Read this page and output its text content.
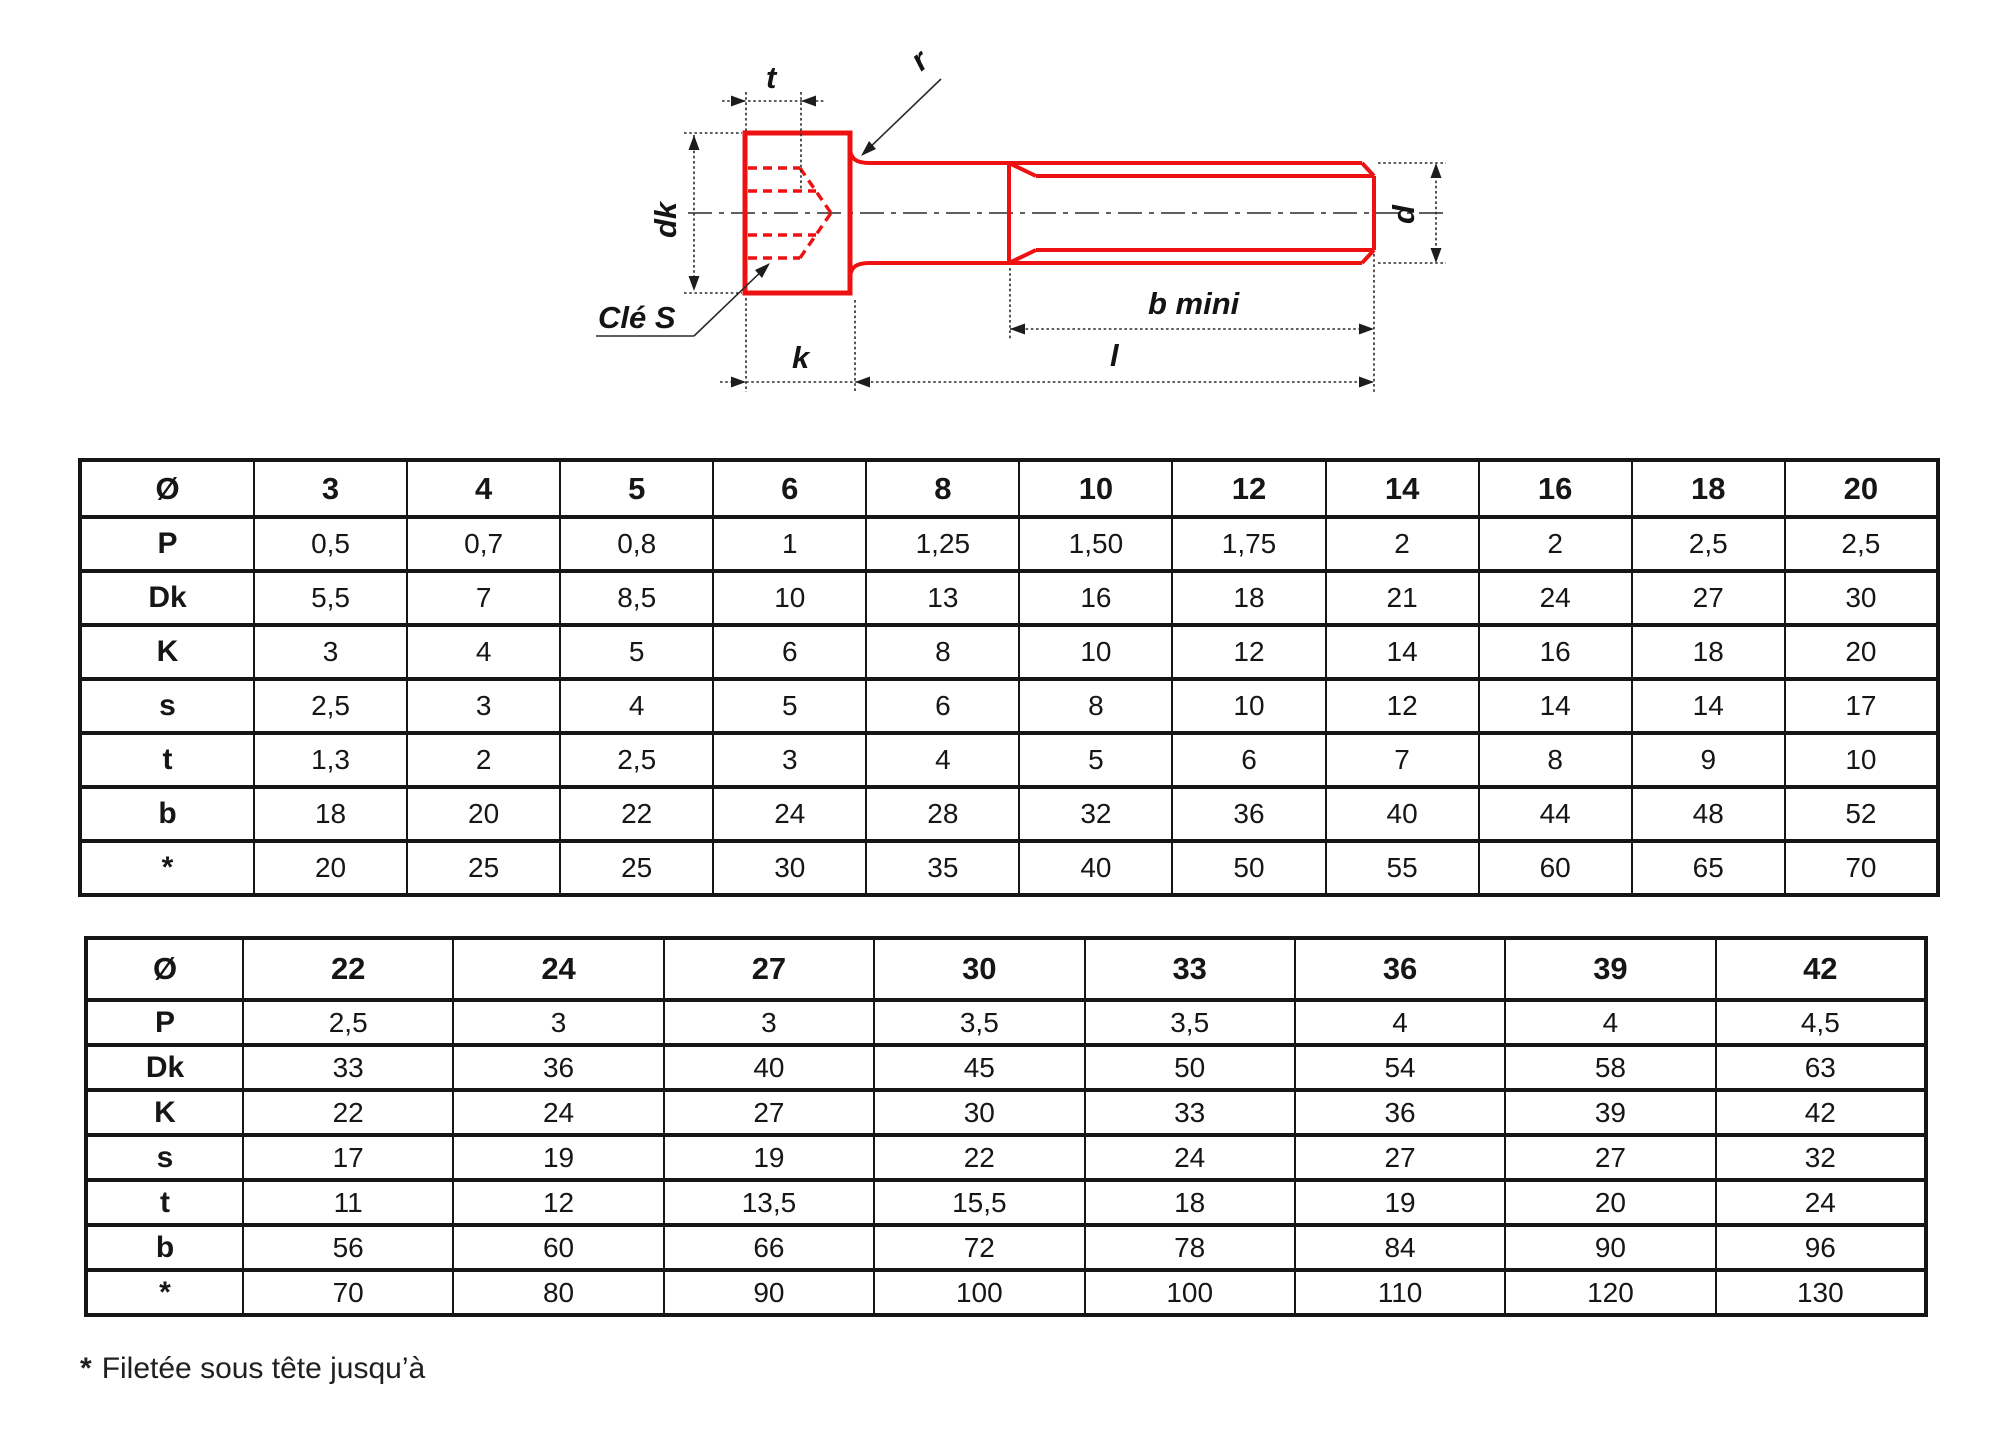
t	r
dk	d
Clé S	b mini
k	l
Ø	3	4	5	6	8	10	12	14	16	18	20
P	0,5	0,7	0,8	1	1,25	1,50	1,75	2	2	2,5	2,5
Dk	5,5	7	8,5	10	13	16	18	21	24	27	30
K	3	4	5	6	8	10	12	14	16	18	20
s	2,5	3	4	5	6	8	10	12	14	14	17
t	1,3	2	2,5	3	4	5	6	7	8	9	10
b	18	20	22	24	28	32	36	40	44	48	52
*	20	25	25	30	35	40	50	55	60	65	70
Ø	22	24	27	30	33	36	39	42
P	2,5	3	3	3,5	3,5	4	4	4,5
Dk	33	36	40	45	50	54	58	63
K	22	24	27	30	33	36	39	42
s	17	19	19	22	24	27	27	32
t	11	12	13,5	15,5	18	19	20	24
b	56	60	66	72	78	84	90	96
*	70	80	90	100	100	110	120	130
* Filetée sous tête jusqu’à
